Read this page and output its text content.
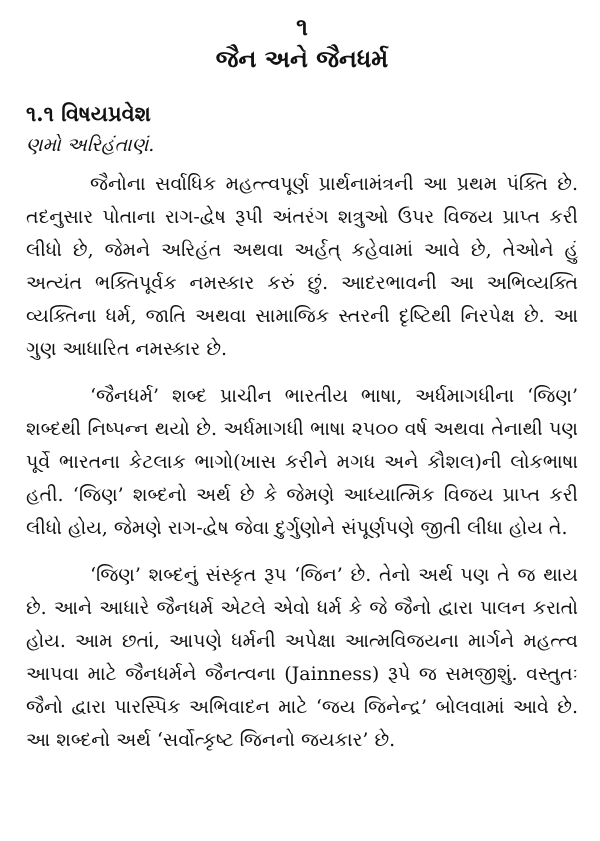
૧
જૈન અને જૈનધર્મ
૧.૧ વિષયપ્રવેશ
ણમો અરિહંતાણં.

જૈનોના સર્વાધિક મહત્ત્વપૂર્ણ પ્રાર્થનામંત્રની આ પ્રથમ પંક્તિ છે. તદનુસાર પોતાના રાગ-દ્વેષ રૂપી અંતરંગ શત્રુઓ ઉપર વિજય પ્રાપ્ત કરી લીધો છે, જેમને અરિહંત અથવા અર્હત્ કહેવામાં આવે છે, તેઓને હું અત્યંત ભક્તિપૂર્વક નમસ્કાર કરું છું. આદરભાવની આ અભિવ્યક્તિ વ્યક્તિના ધર્મ, જાતિ અથવા સામાજિક સ્તરની દૃષ્ટિથી નિરપેક્ષ છે. આ ગુણ આધારિત નમસ્કાર છે.

‘જૈનધર્મ’ શબ્દ પ્રાચીન ભારતીય ભાષા, અર્ધમાગધીના ‘જિણ’ શબ્દથી નિષ્પન્ન થયો છે. અર્ધમાગધી ભાષા ૨૫૦૦ વર્ષ અથવા તેનાથી પણ પૂર્વે ભારતના કેટલાક ભાગો(ખાસ કરીને મગધ અને કૌશલ)ની લોકભાષા હતી. ‘જિણ’ શબ્દનો અર્થ છે કે જેમણે આધ્યાત્મિક વિજય પ્રાપ્ત કરી લીધો હોય, જેમણે રાગ-દ્વેષ જેવા દુર્ગુણોને સંપૂર્ણપણે જીતી લીધા હોય તે.

‘જિણ’ શબ્દનું સંસ્કૃત રૂપ ‘જિન’ છે. તેનો અર્થ પણ તે જ થાય છે. આને આધારે જૈનધર્મ એટલે એવો ધર્મ કે જે જૈનો દ્વારા પાલન કરાતો હોય. આમ છતાં, આપણે ધર્મની અપેક્ષા આત્મવિજયના માર્ગને મહત્ત્વ આપવા માટે જૈનધર્મને જૈનત્વના (Jainness) રૂપે જ સમજીશું. વસ્તુતઃ જૈનો દ્વારા પારસ્પિક અભિવાદન માટે ‘જય જિનેન્દ્ર’ બોલવામાં આવે છે. આ શબ્દનો અર્થ ‘સર્વોત્કૃષ્ટ જિનનો જયકાર’ છે.
